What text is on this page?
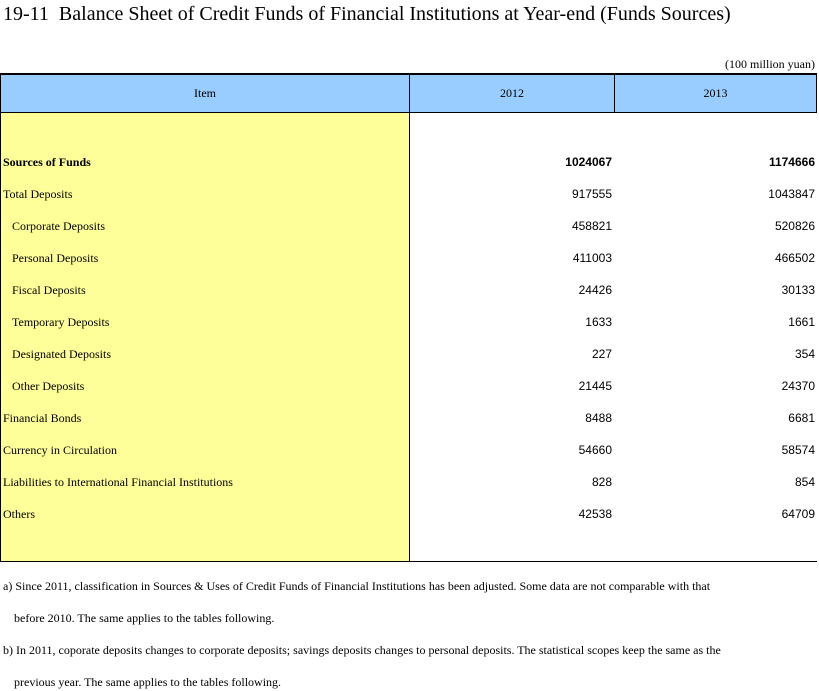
19-11 Balance Sheet of Credit Funds of Financial Institutions at Year-end (Funds Sources)
(100 million yuan)
Item	2012	2013
Sources of Funds	1024067	1174666
Total Deposits	917555	1043847
Corporate Deposits	458821	520826
Personal Deposits	411003	466502
Fiscal Deposits	24426	30133
Temporary Deposits	1633	1661
Designated Deposits	227	354
Other Deposits	21445	24370
Financial Bonds	8488	6681
Currency in Circulation	54660	58574
Liabilities to International Financial Institutions	828	854
Others	42538	64709
a) Since 2011, classification in Sources & Uses of Credit Funds of Financial Institutions has been adjusted. Some data are not comparable with that
before 2010. The same applies to the tables following.
b) In 2011, coporate deposits changes to corporate deposits; savings deposits changes to personal deposits. The statistical scopes keep the same as the
previous year. The same applies to the tables following.
